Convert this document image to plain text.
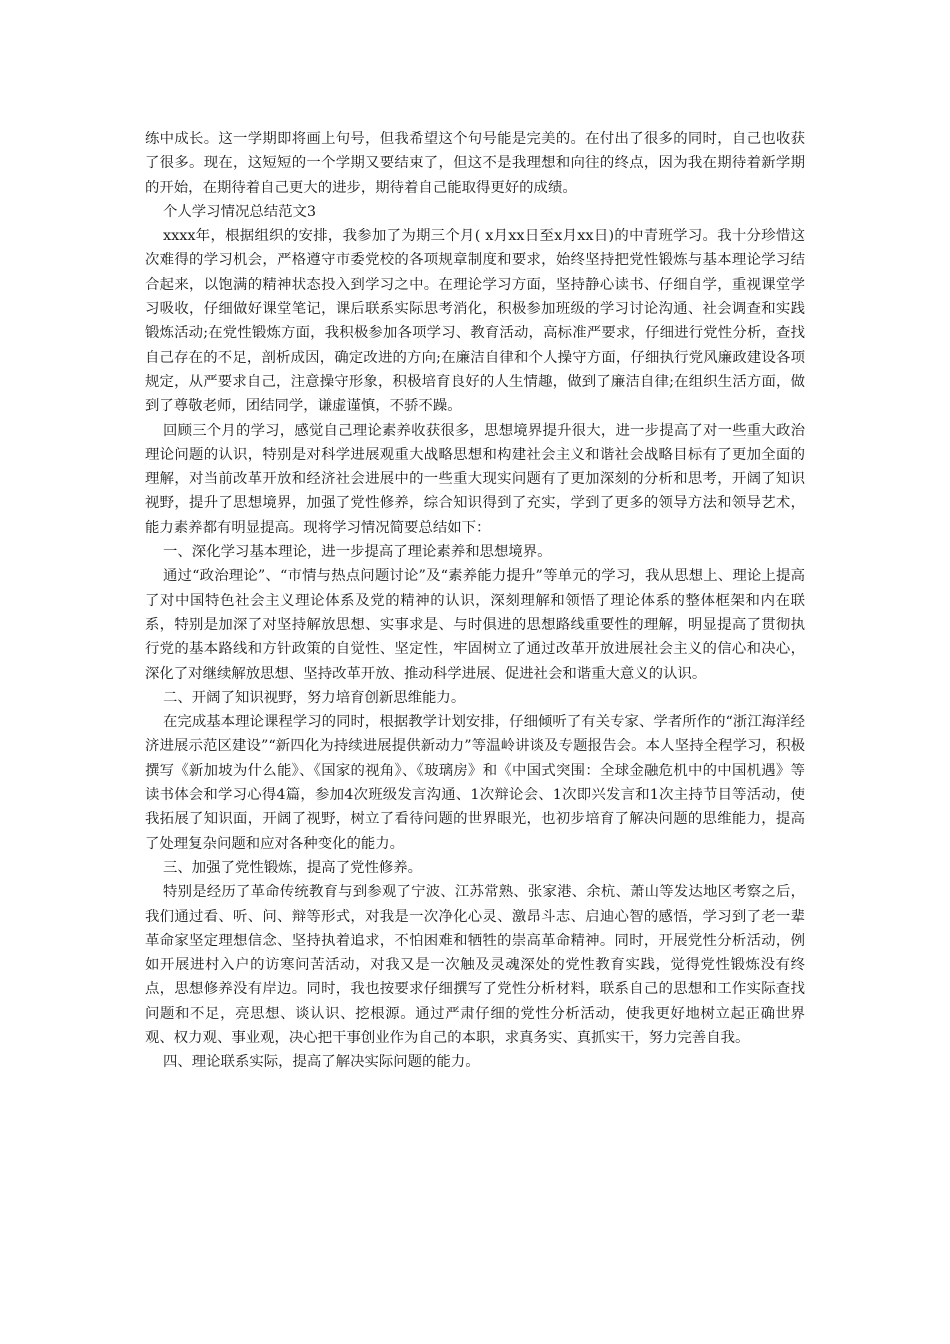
练中成长。这一学期即将画上句号，但我希望这个句号能是完美的。在付出了很多的同时，自己也收获了很多。现在，这短短的一个学期又要结束了，但这不是我理想和向往的终点，因为我在期待着新学期的开始，在期待着自己更大的进步，期待着自己能取得更好的成绩。

个人学习情况总结范文3

xxxx年，根据组织的安排，我参加了为期三个月( x月xx日至x月xx日)的中青班学习。我十分珍惜这次难得的学习机会，严格遵守市委党校的各项规章制度和要求，始终坚持把党性锻炼与基本理论学习结合起来，以饱满的精神状态投入到学习之中。在理论学习方面，坚持静心读书、仔细自学，重视课堂学习吸收，仔细做好课堂笔记，课后联系实际思考消化，积极参加班级的学习讨论沟通、社会调查和实践锻炼活动;在党性锻炼方面，我积极参加各项学习、教育活动，高标准严要求，仔细进行党性分析，查找自己存在的不足，剖析成因，确定改进的方向;在廉洁自律和个人操守方面，仔细执行党风廉政建设各项规定，从严要求自己，注意操守形象，积极培育良好的人生情趣，做到了廉洁自律;在组织生活方面，做到了尊敬老师，团结同学，谦虚谨慎，不骄不躁。

回顾三个月的学习，感觉自己理论素养收获很多，思想境界提升很大，进一步提高了对一些重大政治理论问题的认识，特别是对科学进展观重大战略思想和构建社会主义和谐社会战略目标有了更加全面的理解，对当前改革开放和经济社会进展中的一些重大现实问题有了更加深刻的分析和思考，开阔了知识视野，提升了思想境界，加强了党性修养，综合知识得到了充实，学到了更多的领导方法和领导艺术，能力素养都有明显提高。现将学习情况简要总结如下：

一、深化学习基本理论，进一步提高了理论素养和思想境界。

通过“政治理论”、“市情与热点问题讨论”及“素养能力提升”等单元的学习，我从思想上、理论上提高了对中国特色社会主义理论体系及党的精神的认识，深刻理解和领悟了理论体系的整体框架和内在联系，特别是加深了对坚持解放思想、实事求是、与时俱进的思想路线重要性的理解，明显提高了贯彻执行党的基本路线和方针政策的自觉性、坚定性，牢固树立了通过改革开放进展社会主义的信心和决心，深化了对继续解放思想、坚持改革开放、推动科学进展、促进社会和谐重大意义的认识。

二、开阔了知识视野，努力培育创新思维能力。

在完成基本理论课程学习的同时，根据教学计划安排，仔细倾听了有关专家、学者所作的“浙江海洋经济进展示范区建设”“新四化为持续进展提供新动力”等温岭讲谈及专题报告会。本人坚持全程学习，积极撰写《新加坡为什么能》、《国家的视角》、《玻璃房》和《中国式突围：全球金融危机中的中国机遇》等读书体会和学习心得4篇，参加4次班级发言沟通、1次辩论会、1次即兴发言和1次主持节目等活动，使我拓展了知识面，开阔了视野，树立了看待问题的世界眼光，也初步培育了解决问题的思维能力，提高了处理复杂问题和应对各种变化的能力。

三、加强了党性锻炼，提高了党性修养。

特别是经历了革命传统教育与到参观了宁波、江苏常熟、张家港、余杭、萧山等发达地区考察之后，我们通过看、听、问、辩等形式，对我是一次净化心灵、激昂斗志、启迪心智的感悟，学习到了老一辈革命家坚定理想信念、坚持执着追求，不怕困难和牺牲的崇高革命精神。同时，开展党性分析活动，例如开展进村入户的访寒问苦活动，对我又是一次触及灵魂深处的党性教育实践，觉得党性锻炼没有终点，思想修养没有岸边。同时，我也按要求仔细撰写了党性分析材料，联系自己的思想和工作实际查找问题和不足，亮思想、谈认识、挖根源。通过严肃仔细的党性分析活动，使我更好地树立起正确世界观、权力观、事业观，决心把干事创业作为自己的本职，求真务实、真抓实干，努力完善自我。

四、理论联系实际，提高了解决实际问题的能力。
